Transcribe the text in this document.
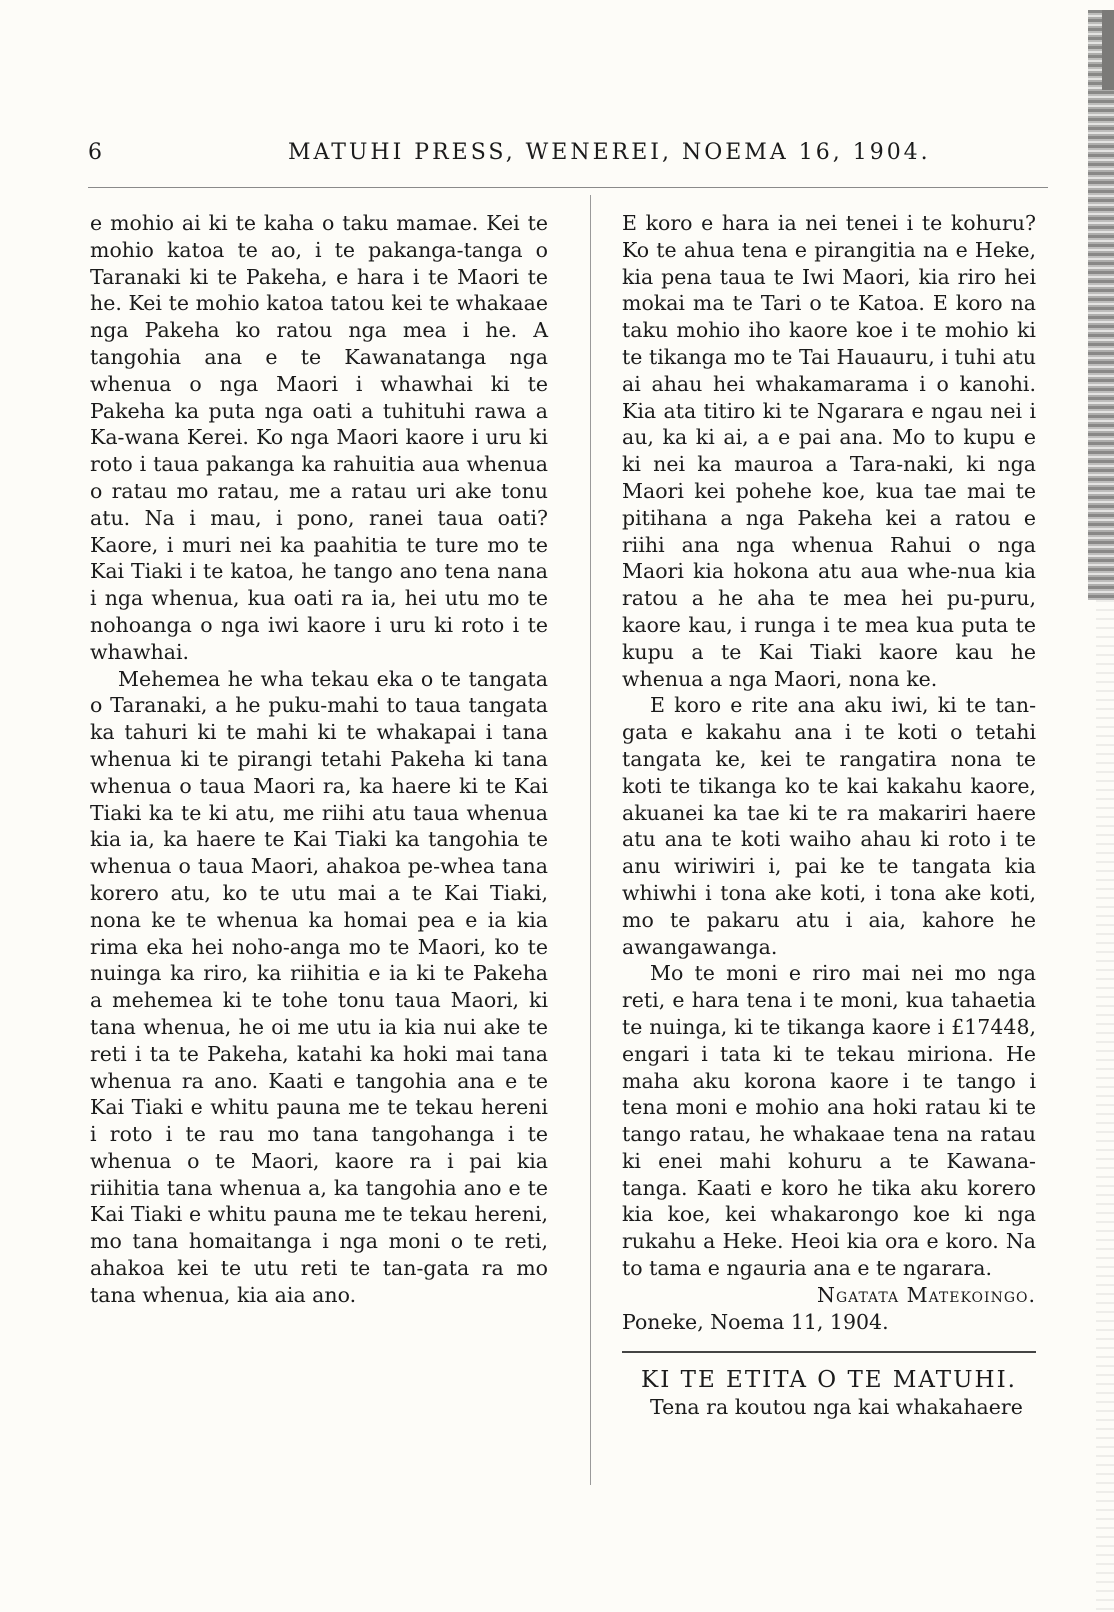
6	MATUHI PRESS, WENEREI, NOEMA 16, 1904.

e mohio ai ki te kaha o taku mamae. Kei te mohio katoa te ao, i te pakanga-tanga o Taranaki ki te Pakeha, e hara i te Maori te he. Kei te mohio katoa tatou kei te whakaae nga Pakeha ko ratou nga mea i he. A tangohia ana e te Kawanatanga nga whenua o nga Maori i whawhai ki te Pakeha ka puta nga oati a tuhituhi rawa a Ka-wana Kerei. Ko nga Maori kaore i uru ki roto i taua pakanga ka rahuitia aua whenua o ratau mo ratau, me a ratau uri ake tonu atu. Na i mau, i pono, ranei taua oati? Kaore, i muri nei ka paahitia te ture mo te Kai Tiaki i te katoa, he tango ano tena nana i nga whenua, kua oati ra ia, hei utu mo te nohoanga o nga iwi kaore i uru ki roto i te whawhai.

Mehemea he wha tekau eka o te tangata o Taranaki, a he puku-mahi to taua tangata ka tahuri ki te mahi ki te whakapai i tana whenua ki te pirangi tetahi Pakeha ki tana whenua o taua Maori ra, ka haere ki te Kai Tiaki ka te ki atu, me riihi atu taua whenua kia ia, ka haere te Kai Tiaki ka tangohia te whenua o taua Maori, ahakoa pe-whea tana korero atu, ko te utu mai a te Kai Tiaki, nona ke te whenua ka homai pea e ia kia rima eka hei noho-anga mo te Maori, ko te nuinga ka riro, ka riihitia e ia ki te Pakeha a mehemea ki te tohe tonu taua Maori, ki tana whenua, he oi me utu ia kia nui ake te reti i ta te Pakeha, katahi ka hoki mai tana whenua ra ano. Kaati e tangohia ana e te Kai Tiaki e whitu pauna me te tekau hereni i roto i te rau mo tana tangohanga i te whenua o te Maori, kaore ra i pai kia riihitia tana whenua a, ka tangohia ano e te Kai Tiaki e whitu pauna me te tekau hereni, mo tana homaitanga i nga moni o te reti, ahakoa kei te utu reti te tan-gata ra mo tana whenua, kia aia ano.

E koro e hara ia nei tenei i te kohuru? Ko te ahua tena e pirangitia na e Heke, kia pena taua te Iwi Maori, kia riro hei mokai ma te Tari o te Katoa. E koro na taku mohio iho kaore koe i te mohio ki te tikanga mo te Tai Hauauru, i tuhi atu ai ahau hei whakamarama i o kanohi. Kia ata titiro ki te Ngarara e ngau nei i au, ka ki ai, a e pai ana. Mo to kupu e ki nei ka mauroa a Tara-naki, ki nga Maori kei pohehe koe, kua tae mai te pitihana a nga Pakeha kei a ratou e riihi ana nga whenua Rahui o nga Maori kia hokona atu aua whe-nua kia ratou a he aha te mea hei pu-puru, kaore kau, i runga i te mea kua puta te kupu a te Kai Tiaki kaore kau he whenua a nga Maori, nona ke.

E koro e rite ana aku iwi, ki te tan-gata e kakahu ana i te koti o tetahi tangata ke, kei te rangatira nona te koti te tikanga ko te kai kakahu kaore, akuanei ka tae ki te ra makariri haere atu ana te koti waiho ahau ki roto i te anu wiriwiri i, pai ke te tangata kia whiwhi i tona ake koti, i tona ake koti, mo te pakaru atu i aia, kahore he awangawanga.

Mo te moni e riro mai nei mo nga reti, e hara tena i te moni, kua tahaetia te nuinga, ki te tikanga kaore i £17448, engari i tata ki te tekau miriona. He maha aku korona kaore i te tango i tena moni e mohio ana hoki ratau ki te tango ratau, he whakaae tena na ratau ki enei mahi kohuru a te Kawana-tanga. Kaati e koro he tika aku korero kia koe, kei whakarongo koe ki nga rukahu a Heke. Heoi kia ora e koro. Na to tama e ngauria ana e te ngarara.

Ngatata Matekoingo.

Poneke, Noema 11, 1904.

KI TE ETITA O TE MATUHI.

Tena ra koutou nga kai whakahaere
